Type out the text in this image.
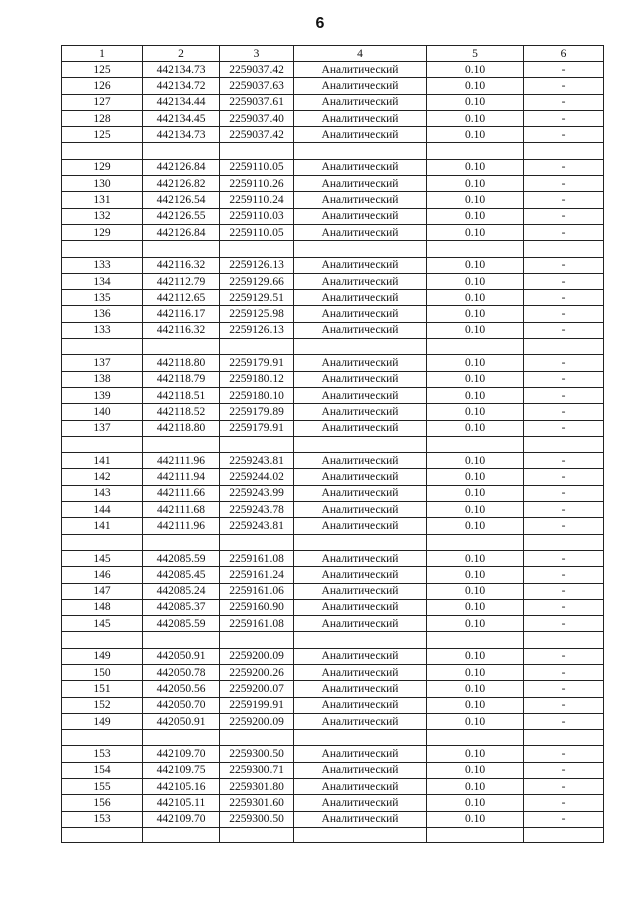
6
1	2	3	4	5	6
125	442134.73	2259037.42	Аналитический	0.10	-
126	442134.72	2259037.63	Аналитический	0.10	-
127	442134.44	2259037.61	Аналитический	0.10	-
128	442134.45	2259037.40	Аналитический	0.10	-
125	442134.73	2259037.42	Аналитический	0.10	-

129	442126.84	2259110.05	Аналитический	0.10	-
130	442126.82	2259110.26	Аналитический	0.10	-
131	442126.54	2259110.24	Аналитический	0.10	-
132	442126.55	2259110.03	Аналитический	0.10	-
129	442126.84	2259110.05	Аналитический	0.10	-

133	442116.32	2259126.13	Аналитический	0.10	-
134	442112.79	2259129.66	Аналитический	0.10	-
135	442112.65	2259129.51	Аналитический	0.10	-
136	442116.17	2259125.98	Аналитический	0.10	-
133	442116.32	2259126.13	Аналитический	0.10	-

137	442118.80	2259179.91	Аналитический	0.10	-
138	442118.79	2259180.12	Аналитический	0.10	-
139	442118.51	2259180.10	Аналитический	0.10	-
140	442118.52	2259179.89	Аналитический	0.10	-
137	442118.80	2259179.91	Аналитический	0.10	-

141	442111.96	2259243.81	Аналитический	0.10	-
142	442111.94	2259244.02	Аналитический	0.10	-
143	442111.66	2259243.99	Аналитический	0.10	-
144	442111.68	2259243.78	Аналитический	0.10	-
141	442111.96	2259243.81	Аналитический	0.10	-

145	442085.59	2259161.08	Аналитический	0.10	-
146	442085.45	2259161.24	Аналитический	0.10	-
147	442085.24	2259161.06	Аналитический	0.10	-
148	442085.37	2259160.90	Аналитический	0.10	-
145	442085.59	2259161.08	Аналитический	0.10	-

149	442050.91	2259200.09	Аналитический	0.10	-
150	442050.78	2259200.26	Аналитический	0.10	-
151	442050.56	2259200.07	Аналитический	0.10	-
152	442050.70	2259199.91	Аналитический	0.10	-
149	442050.91	2259200.09	Аналитический	0.10	-

153	442109.70	2259300.50	Аналитический	0.10	-
154	442109.75	2259300.71	Аналитический	0.10	-
155	442105.16	2259301.80	Аналитический	0.10	-
156	442105.11	2259301.60	Аналитический	0.10	-
153	442109.70	2259300.50	Аналитический	0.10	-
